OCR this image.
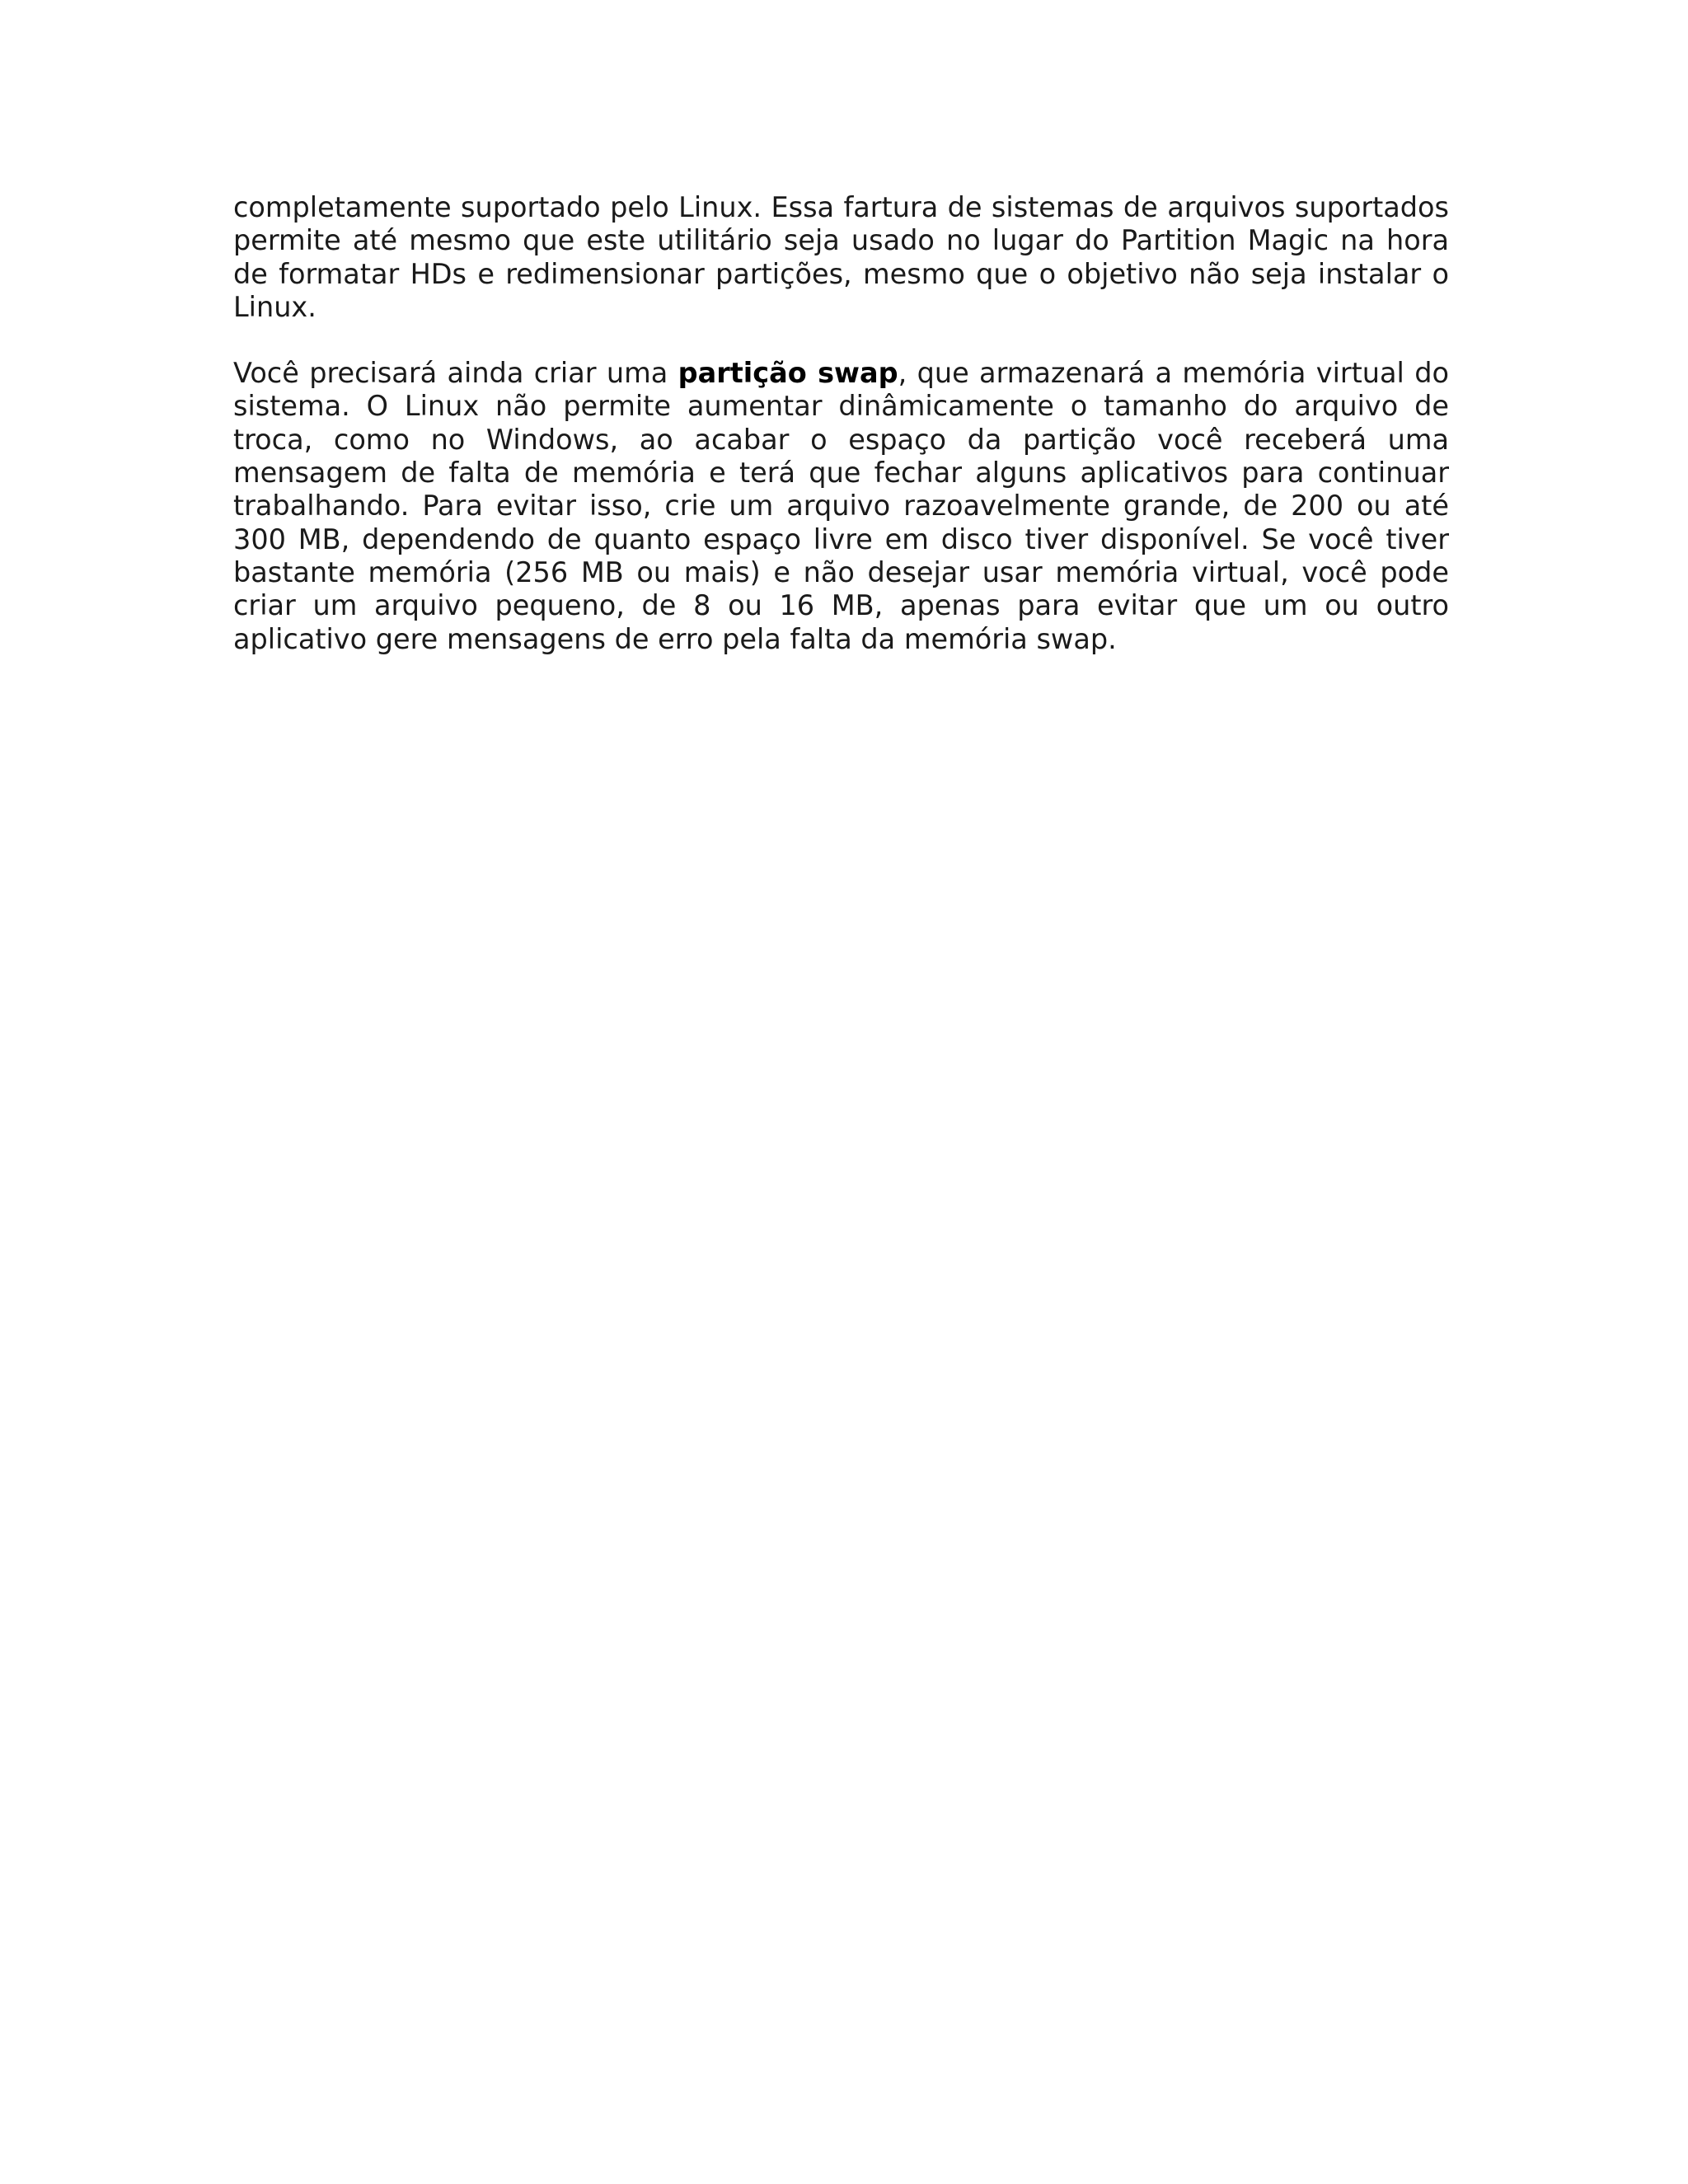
completamente suportado pelo Linux. Essa fartura de sistemas de arquivos suportados permite até mesmo que este utilitário seja usado no lugar do Partition Magic na hora de formatar HDs e redimensionar partições, mesmo que o objetivo não seja instalar o Linux.

Você precisará ainda criar uma partição swap, que armazenará a memória virtual do sistema. O Linux não permite aumentar dinâmicamente o tamanho do arquivo de troca, como no Windows, ao acabar o espaço da partição você receberá uma mensagem de falta de memória e terá que fechar alguns aplicativos para continuar trabalhando. Para evitar isso, crie um arquivo razoavelmente grande, de 200 ou até 300 MB, dependendo de quanto espaço livre em disco tiver disponível. Se você tiver bastante memória (256 MB ou mais) e não desejar usar memória virtual, você pode criar um arquivo pequeno, de 8 ou 16 MB, apenas para evitar que um ou outro aplicativo gere mensagens de erro pela falta da memória swap.
